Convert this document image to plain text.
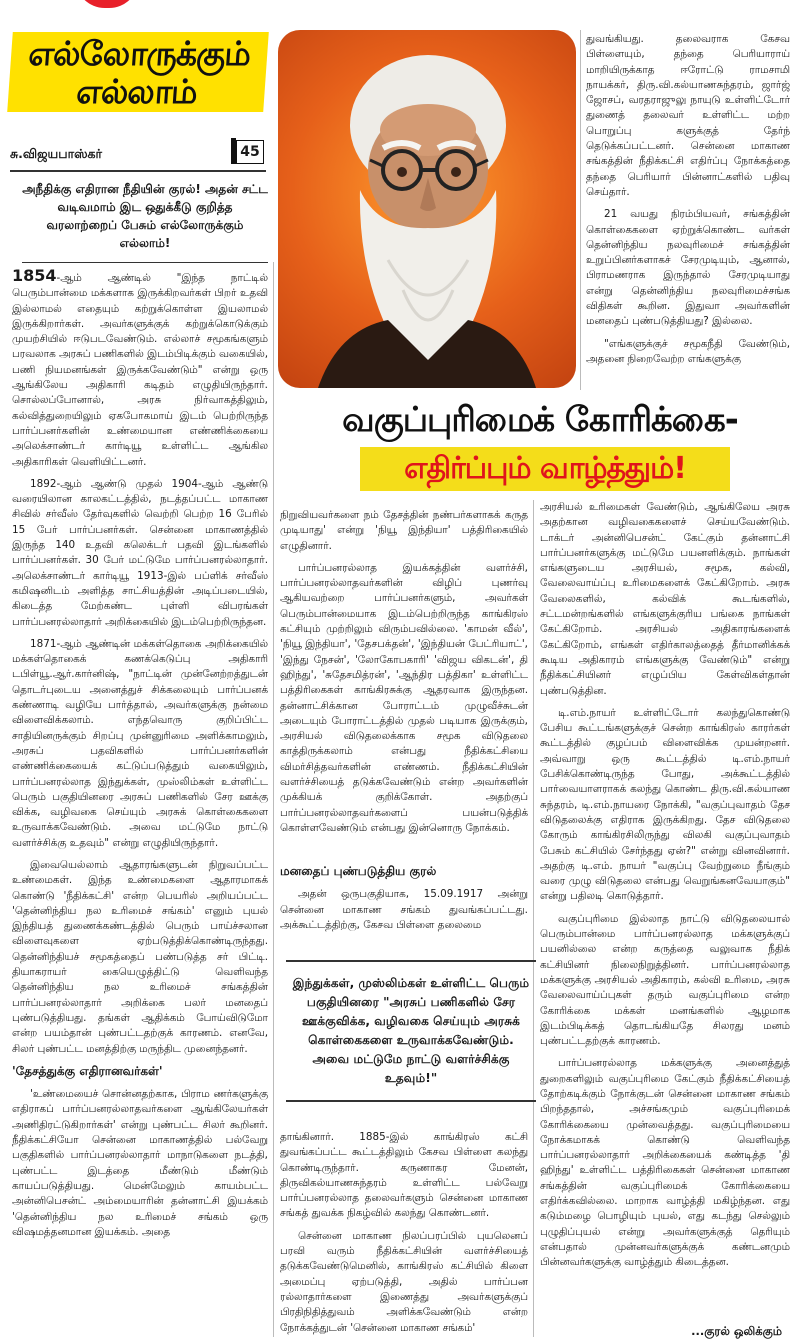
எல்லோருக்கும்
எல்லாம்
சு.விஜயபாஸ்கர்	45
அநீதிக்கு எதிரான நீதியின் குரல்! அதன் சட்ட வடிவமாம் இட ஒதுக்கீடு குறித்த வரலாற்றைப் பேசும் எல்லோருக்கும் எல்லாம்!
வகுப்புரிமைக் கோரிக்கை-
எதிர்ப்பும் வாழ்த்தும்!

1854-ஆம் ஆண்டில் "இந்த நாட்டில் பெரும்பான்மை மக்களாக இருக்கிறவர்கள் பிறர் உதவி இல்லாமல் எதையும் கற்றுக்கொள்ள இயலாமல் இருக்கிறார்கள். அவர்களுக்குக் கற்றுக்கொடுக்கும் முயற்சியில் ஈடுபடவேண்டும். எல்லாச் சமூகங்களும் பரவலாக அரசுப் பணிகளில் இடம்பிடிக்கும் வகையில், பணி நியமனங்கள் இருக்கவேண்டும்" என்று ஒரு ஆங்கிலேய அதிகாரி கடிதம் எழுதியிருந்தார். சொல்லப்போனால், அரசு நிர்வாகத்திலும், கல்வித்துறையிலும் ஏகபோகமாய் இடம் பெற்றிருந்த பார்ப்பனர்களின் உண்மையான எண்ணிக்கையை அலெக்சாண்டர் கார்டியூ உள்ளிட்ட ஆங்கில அதிகாரிகள் வெளியிட்டனர்.

1892-ஆம் ஆண்டு முதல் 1904-ஆம் ஆண்டு வரையிலான காலகட்டத்தில், நடத்தப்பட்ட மாகாண சிவில் சர்வீஸ் தேர்வுகளில் வெற்றி பெற்ற 16 பேரில் 15 பேர் பார்ப்பனர்கள். சென்னை மாகாணத்தில் இருந்த 140 உதவி கலெக்டர் பதவி இடங்களில் பார்ப்பனர்கள். 30 பேர் மட்டுமே பார்ப்பனரல்லாதார். அலெக்சாண்டர் கார்டியூ 1913-இல் பப்ளிக் சர்வீஸ் கமிஷனிடம் அளித்த சாட்சியத்தின் அடிப்படையில், கிடைத்த மேற்கண்ட புள்ளி விபரங்கள் பார்ப்பனரல்லாதார் அறிக்கையில் இடம்பெற்றிருந்தன.

1871-ஆம் ஆண்டின் மக்கள்தொகை அறிக்கையில் மக்கள்தொகைக் கணக்கெடுப்பு அதிகாரி டபிள்யூ.ஆர்.கார்னிஷ், "நாட்டின் முன்னேற்றத்துடன் தொடர்புடைய அனைத்துச் சிக்கலையும் பார்ப்பனக் கண்ணாடி வழியே பார்த்தால், அவர்களுக்கு நன்மை விளைவிக்கலாம். எந்தவொரு குறிப்பிட்ட சாதியினருக்கும் சிறப்பு முன்னுரிமை அளிக்காமலும், அரசுப் பதவிகளில் பார்ப்பனர்களின் எண்ணிக்கையைக் கட்டுப்படுத்தும் வகையிலும், பார்ப்பனரல்லாத இந்துக்கள், முஸ்லிம்கள் உள்ளிட்ட பெரும் பகுதியினரை அரசுப் பணிகளில் சேர ஊக்கு விக்க, வழிவகை செய்யும் அரசுக் கொள்கைகளை உருவாக்கவேண்டும். அவை மட்டுமே நாட்டு வளர்ச்சிக்கு உதவும்" என்று எழுதியிருந்தார்.

இவையெல்லாம் ஆதாரங்களுடன் நிறுவப்பட்ட உண்மைகள். இந்த உண்மைகளை ஆதாரமாகக் கொண்டு 'நீதிக்கட்சி' என்ற பெயரில் அறியப்பட்ட 'தென்னிந்திய நல உரிமைச் சங்கம்' எனும் புயல் இந்தியத் துணைக்கண்டத்தில் பெரும் பாய்ச்சலான விளைவுகளை ஏற்படுத்திக்கொண்டிருந்தது. தென்னிந்தியச் சமூகத்தைப் பண்படுத்த சர் பிட்டி. தியாகராயர் கையெழுத்திட்டு வெளிவந்த தென்னிந்திய நல உரிமைச் சங்கத்தின் பார்ப்பனரல்லாதார் அறிக்கை பலர் மனதைப் புண்படுத்தியது. தங்கள் ஆதிக்கம் போய்விடுமோ என்ற பயம்தான் புண்பட்டதற்குக் காரணம். எனவே, சிலர் புண்பட்ட மனத்திற்கு மருந்திட முனைந்தனர்.

'தேசத்துக்கு எதிரானவர்கள்'

'உண்மையைச் சொன்னதற்காக, பிராம ணர்களுக்கு எதிராகப் பார்ப்பனரல்லாதவர்களை ஆங்கிலேயர்கள் அணிதிரட்டுகிறார்கள்' என்று புண்பட்ட சிலர் கூறினர். நீதிக்கட்சியோ சென்னை மாகாணத்தில் பல்வேறு பகுதிகளில் பார்ப்பனரல்லாதார் மாநாடுகளை நடத்தி, புண்பட்ட இடத்தை மீண்டும் மீண்டும் காயப்படுத்தியது. மென்மேலும் காயம்பட்ட அன்னிபெசன்ட் அம்மையாரின் தன்னாட்சி இயக்கம் 'தென்னிந்திய நல உரிமைச் சங்கம் ஒரு விஷமத்தனமான இயக்கம். அதை

நிறுவியவர்களை நம் தேசத்தின் நண்பர்களாகக் கருத முடியாது' என்று 'நியூ இந்தியா' பத்திரிகையில் எழுதினார்.

பார்ப்பனரல்லாத இயக்கத்தின் வளர்ச்சி, பார்ப்பனரல்லாதவர்களின் விழிப் புணர்வு ஆகியவற்றை பார்ப்பனர்களும், அவர்கள் பெரும்பான்மையாக இடம்பெற்றிருந்த காங்கிரஸ் கட்சியும் முற்றிலும் விரும்பவில்லை. 'காமன் வீல்', 'நியூ இந்தியா', 'தேசபக்தன்', 'இந்தியன் பேட்ரியாட்', 'இந்து நேசன்', 'லோகோபகாரி' 'விஜய விகடன்', தி ஹிந்து', 'சுதேசமித்ரன்', 'ஆந்திர பத்திகா' உள்ளிட்ட பத்திரிகைகள் காங்கிரசுக்கு ஆதரவாக இருந்தன. தன்னாட்சிக்கான போராட்டம் முழுவீச்சுடன் அடையும் போராட்டத்தில் முதல் படியாக இருக்கும், அரசியல் விடுதலைக்காக சமூக விடுதலை காத்திருக்கலாம் என்பது நீதிக்கட்சியை விமர்சித்தவர்களின் எண்ணம். நீதிக்கட்சியின் வளர்ச்சியைத் தடுக்கவேண்டும் என்ற அவர்களின் முக்கியக் குறிக்கோள். அதற்குப் பார்ப்பனரல்லாதவர்களைப் பயன்படுத்திக் கொள்ளவேண்டும் என்பது இன்னொரு நோக்கம்.

மனதைப் புண்படுத்திய குரல்

அதன் ஒருபகுதியாக, 15.09.1917 அன்று சென்னை மாகாண சங்கம் துவங்கப்பட்டது. அக்கூட்டத்திற்கு, கேசவ பிள்ளை தலைமை

இந்துக்கள், முஸ்லிம்கள் உள்ளிட்ட பெரும் பகுதியினரை "அரசுப் பணிகளில் சேர ஊக்குவிக்க, வழிவகை செய்யும் அரசுக் கொள்கைகளை உருவாக்கவேண்டும். அவை மட்டுமே நாட்டு வளர்ச்சிக்கு உதவும்!"

தாங்கினார். 1885-இல் காங்கிரஸ் கட்சி துவங்கப்பட்ட கூட்டத்திலும் கேசவ பிள்ளை கலந்து கொண்டிருந்தார். கருணாகர மேனன், திருவிகல்யாணசுந்தரம் உள்ளிட்ட பல்வேறு பார்ப்பனரல்லாத தலைவர்களும் சென்னை மாகாண சங்கத் துவக்க நிகழ்வில் கலந்து கொண்டனர்.

சென்னை மாகாண நிலப்பரப்பில் புயலெனப் பரவி வரும் நீதிக்கட்சியின் வளர்ச்சியைத் தடுக்கவேண்டுமெனில், காங்கிரஸ் கட்சியில் கிளை அமைப்பு ஏற்படுத்தி, அதில் பார்ப்பன ரல்லாதார்களை இணைத்து அவர்களுக்குப் பிரதிநிதித்துவம் அளிக்கவேண்டும் என்ற நோக்கத்துடன் 'சென்னை மாகாண சங்கம்'

துவங்கியது. தலைவராக கேசவ பிள்ளையும், தந்தை பெரியாராய் மாறியிருக்காத ஈரோட்டு ராமசாமி நாயக்கர், திரு.வி.கல்யாணசுந்தரம், ஜார்ஜ் ஜோசப், வரதராஜுலு நாயுடு உள்ளிட்டோர் துணைத் தலைவர் உள்ளிட்ட மற்ற பொறுப்பு களுக்குத் தேர்ந் தெடுக்கப்பட்டனர். சென்னை மாகாண சங்கத்தின் நீதிக்கட்சி எதிர்ப்பு நோக்கத்தை தந்தை பெரியார் பின்னாட்களில் பதிவு செய்தார்.

21 வயது நிரம்பியவர், சங்கத்தின் கொள்கைகளை ஏற்றுக்கொண்ட வர்கள் தென்னிந்திய நலவுரிமைச் சங்கத்தின் உறுப்பினர்களாகச் சேரமுடியும், ஆனால், பிராமணராக இருந்தால் சேரமுடியாது என்று தென்னிந்திய நலவுரிமைச்சங்க விதிகள் கூறின. இதுவா அவர்களின் மனதைப் புண்படுத்தியது? இல்லை.

"எங்களுக்குச் சமூகநீதி வேண்டும், அதனை நிறைவேற்ற எங்களுக்கு

அரசியல் உரிமைகள் வேண்டும், ஆங்கிலேய அரசு அதற்கான வழிவகைகளைச் செய்யவேண்டும். டாக்டர் அன்னிபெசன்ட் கேட்கும் தன்னாட்சி பார்ப்பனர்களுக்கு மட்டுமே பயனளிக்கும். நாங்கள் எங்களுடைய அரசியல், சமூக, கல்வி, வேலைவாய்ப்பு உரிமைகளைக் கேட்கிறோம். அரசு வேலைகளில், கல்விக் கூடங்களில், சட்டமன்றங்களில் எங்களுக்குரிய பங்கை நாங்கள் கேட்கிறோம். அரசியல் அதிகாரங்களைக் கேட்கிறோம், எங்கள் எதிர்காலத்தைத் தீர்மானிக்கக் கூடிய அதிகாரம் எங்களுக்கு வேண்டும்" என்று நீதிக்கட்சியினர் எழுப்பிய கேள்விகள்தான் புண்படுத்தின.

டி.எம்.நாயர் உள்ளிட்டோர் கலந்துகொண்டு பேசிய கூட்டங்களுக்குச் சென்ற காங்கிரஸ் காரர்கள் கூட்டத்தில் குழப்பம் விளைவிக்க முயன்றனர். அவ்வாறு ஒரு கூட்டத்தில் டி.எம்.நாயர் பேசிக்கொண்டிருந்த போது, அக்கூட்டத்தில் பார்வையாளராகக் கலந்து கொண்ட திரு.வி.கல்யாண சுந்தரம், டி.எம்.நாயரை நோக்கி, "வகுப்புவாதம் தேச விடுதலைக்கு எதிராக இருக்கிறது. தேச விடுதலை கோரும் காங்கிரசிலிருந்து விலகி வகுப்புவாதம் பேசும் கட்சியில் சேர்ந்தது ஏன்?" என்று வினவினார். அதற்கு டி.எம். நாயர் "வகுப்பு வேற்றுமை நீங்கும் வரை முழு விடுதலை என்பது வெறுங்கனவேயாகும்" என்று பதிலடி கொடுத்தார்.

வகுப்புரிமை இல்லாத நாட்டு விடுதலையால் பெரும்பான்மை பார்ப்பனரல்லாத மக்களுக்குப் பயனில்லை என்ற கருத்தை வலுவாக நீதிக் கட்சியினர் நிலைநிறுத்தினர். பார்ப்பனரல்லாத மக்களுக்கு அரசியல் அதிகாரம், கல்வி உரிமை, அரசு வேலைவாய்ப்புகள் தரும் வகுப்புரிமை என்ற கோரிக்கை மக்கள் மனங்களில் ஆழமாக இடம்பிடிக்கத் தொடங்கியதே சிலரது மனம் புண்பட்டதற்குக் காரணம்.

பார்ப்பனரல்லாத மக்களுக்கு அனைத்துத் துறைகளிலும் வகுப்புரிமை கேட்கும் நீதிக்கட்சியைத் தோற்கடிக்கும் நோக்குடன் சென்னை மாகாண சங்கம் பிறந்ததால், அச்சங்கமும் வகுப்புரிமைக் கோரிக்கையை முன்வைத்தது. வகுப்புரிமையை நோக்கமாகக் கொண்டு வெளிவந்த பார்ப்பனரல்லாதார் அறிக்கையைக் கண்டித்த 'தி ஹிந்து' உள்ளிட்ட பத்திரிகைகள் சென்னை மாகாண சங்கத்தின் வகுப்புரிமைக் கோரிக்கையை எதிர்க்கவில்லை. மாறாக வாழ்த்தி மகிழ்ந்தன. எது கடும்மழை பொழியும் புயல், எது கடந்து செல்லும் புழுதிப்புயல் என்று அவர்களுக்குத் தெரியும் என்பதால் முன்னவர்களுக்குக் கண்டனமும் பின்னவர்களுக்கு வாழ்த்தும் கிடைத்தன.

...குரல் ஒலிக்கும்
